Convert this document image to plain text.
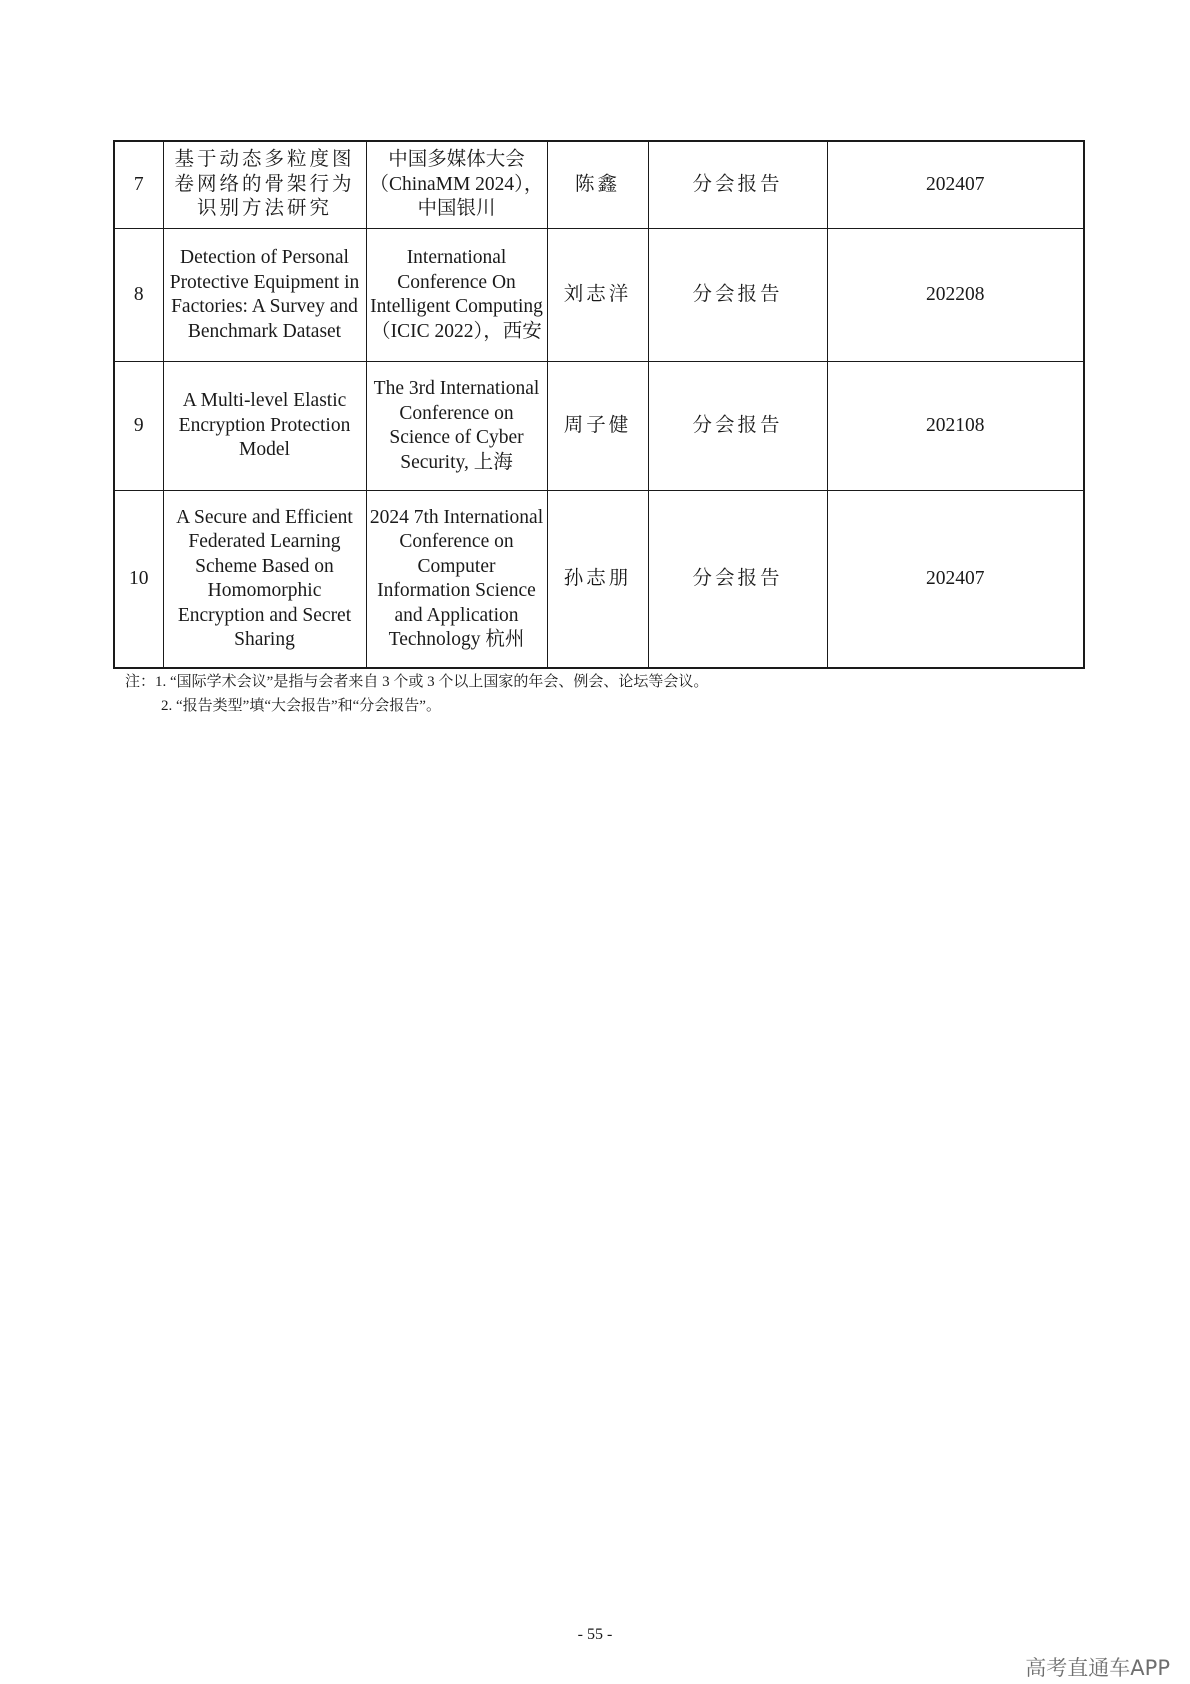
7	基于动态多粒度图卷网络的骨架行为识别方法研究	中国多媒体大会（ChinaMM 2024），中国银川	陈鑫	分会报告	202407
8	Detection of Personal Protective Equipment in Factories: A Survey and Benchmark Dataset	International Conference On Intelligent Computing（ICIC 2022），西安	刘志洋	分会报告	202208
9	A Multi-level Elastic Encryption Protection Model	The 3rd International Conference on Science of Cyber Security, 上海	周子健	分会报告	202108
10	A Secure and Efficient Federated Learning Scheme Based on Homomorphic Encryption and Secret Sharing	2024 7th International Conference on Computer Information Science and Application Technology 杭州	孙志朋	分会报告	202407
注：1. “国际学术会议”是指与会者来自 3 个或 3 个以上国家的年会、例会、论坛等会议。
2. “报告类型”填“大会报告”和“分会报告”。
- 55 -
高考直通车APP
